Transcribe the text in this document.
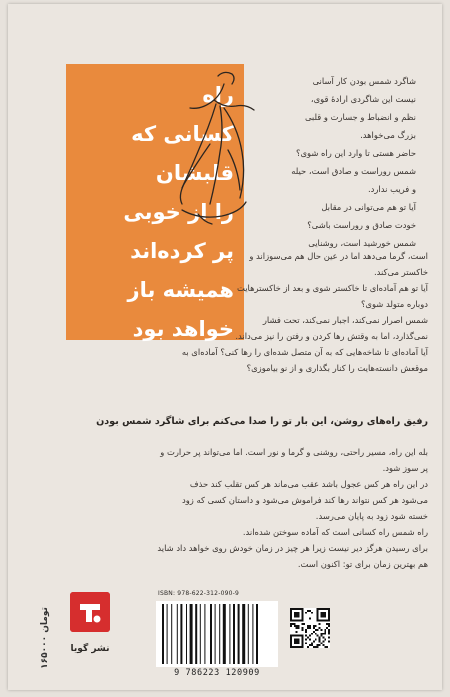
راه
کسانی که
قلبشان
را از خوبی
پر کرده‌اند
همیشه باز
خواهد بود
شاگرد شمس بودن کار آسانی
نیست این شاگردی ارادهٔ قوی،
نظم و انضباط و جسارت و قلبی
بزرگ می‌خواهد.
حاضر هستی تا وارد این راه شوی؟
شمس روراست و صادق است، حیله
و فریب ندارد.
آیا تو هم می‌توانی در مقابل
خودت صادق و روراست باشی؟
شمس خورشید است، روشنایی
است، گرما می‌دهد اما در عین حال هم می‌سوزاند و
خاکستر می‌کند.
آیا تو هم آماده‌ای تا خاکستر شوی و بعد از خاکسترهایت
دوباره متولد شوی؟
شمس اصرار نمی‌کند، اجبار نمی‌کند، تحت فشار
نمی‌گذارد، اما به وقتش رها کردن و رفتن را نیز می‌داند.
آیا آماده‌ای تا شاخه‌هایی که به آن متصل شده‌ای را رها کنی؟ آماده‌ای به
موقعش دانسته‌هایت را کنار بگذاری و از نو بیاموزی؟
رفیق راه‌های روشن، این بار تو را صدا می‌کنم برای شاگرد شمس بودن
بله این راه، مسیر راحتی، روشنی و گرما و نور است. اما می‌تواند پر حرارت و
پر سوز شود.
در این راه هر کس عجول باشد عقب می‌ماند هر کس تقلب کند حذف
می‌شود هر کس نتواند رها کند فراموش می‌شود و داستان کسی که زود
خسته شود زود به پایان می‌رسد.
راه شمس راه کسانی است که آماده سوختن شده‌اند.
برای رسیدن هرگز دیر نیست زیرا هر چیز در زمان خودش روی خواهد داد شاید
هم بهترین زمان برای تو: اکنون است.
۱۶۵۰۰۰ تومان
نشر گویا
ISBN: 978-622-312-090-9
9 786223 120909
